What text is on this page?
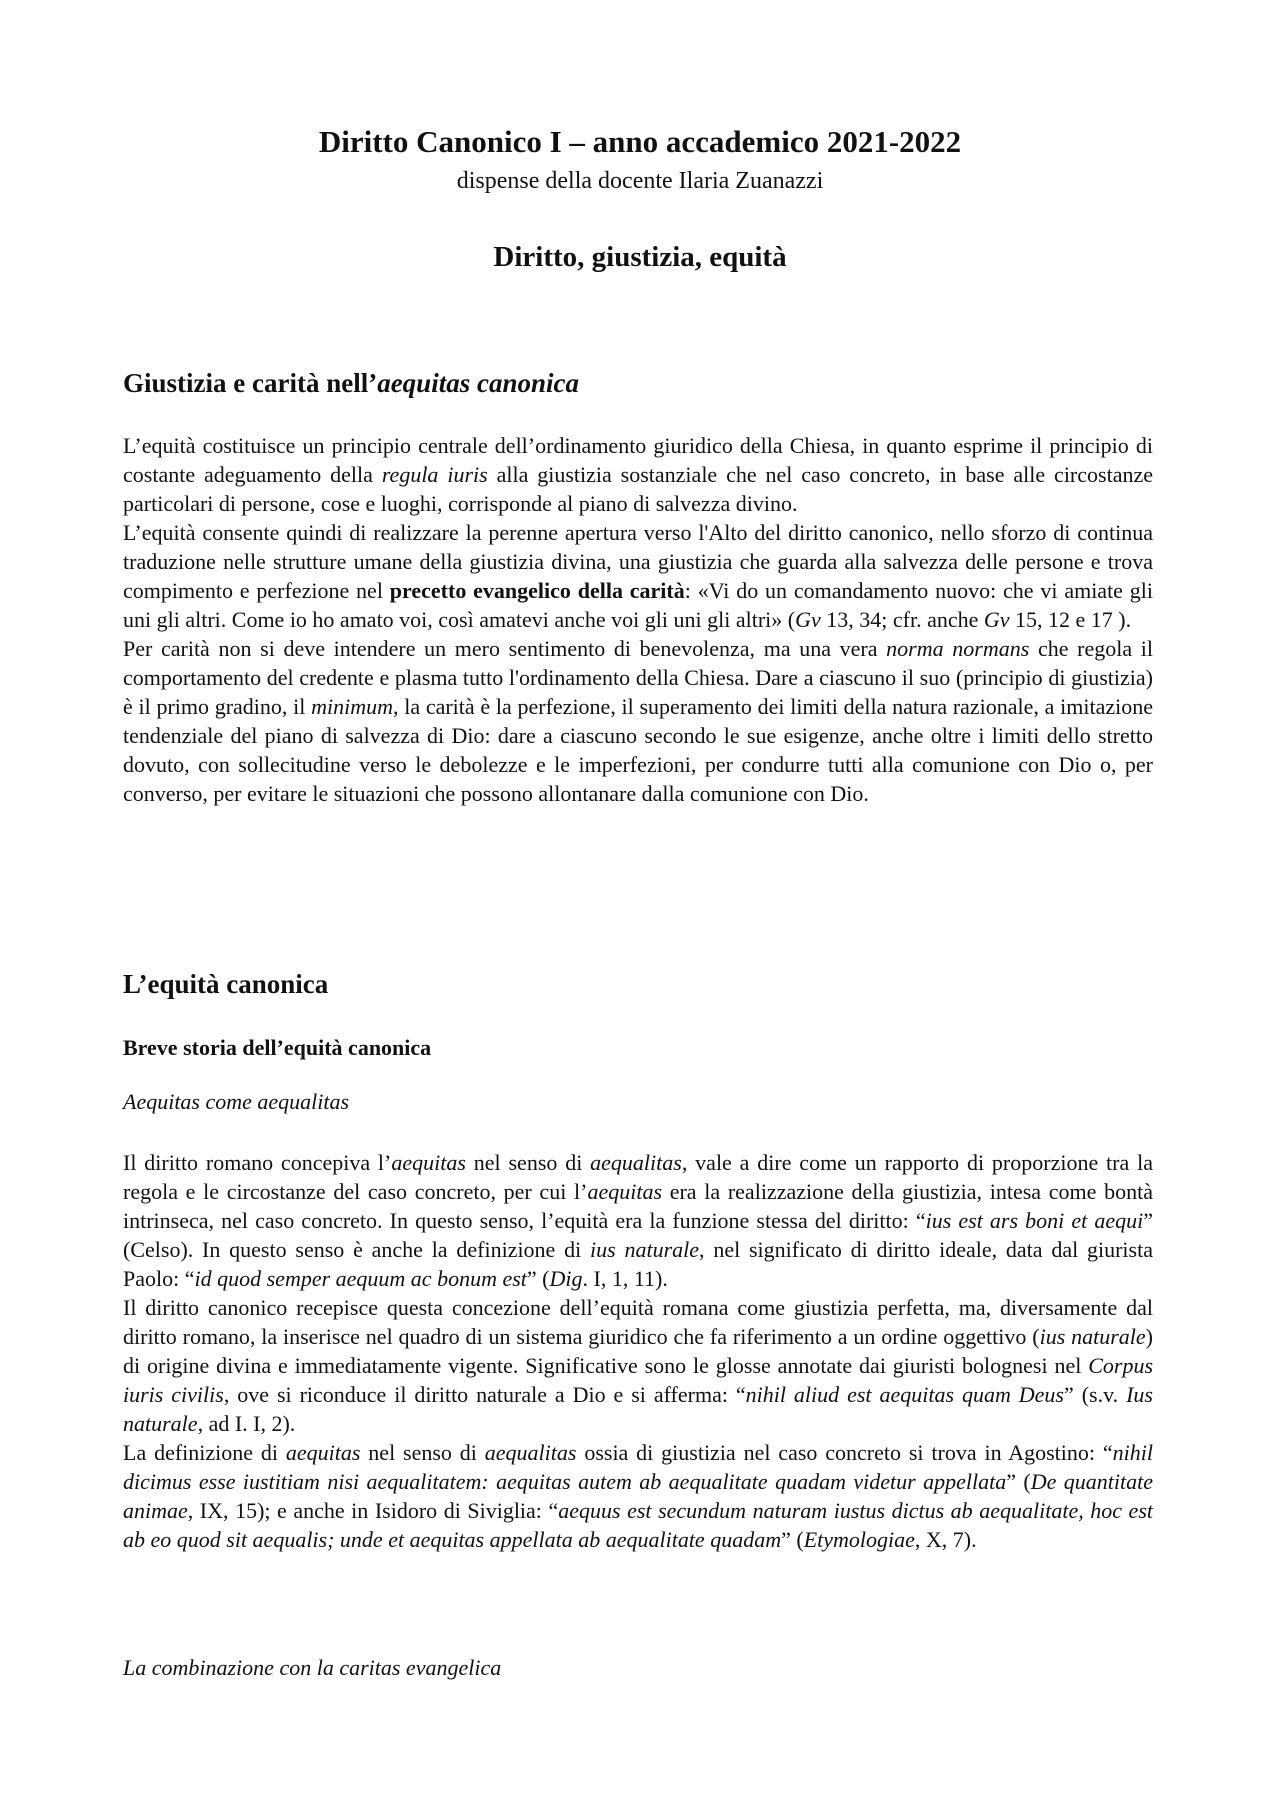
Diritto Canonico I – anno accademico 2021-2022
dispense della docente Ilaria Zuanazzi
Diritto, giustizia, equità
Giustizia e carità nell’aequitas canonica

L’equità costituisce un principio centrale dell’ordinamento giuridico della Chiesa, in quanto esprime il principio di costante adeguamento della regula iuris alla giustizia sostanziale che nel caso concreto, in base alle circostanze particolari di persone, cose e luoghi, corrisponde al piano di salvezza divino.

L’equità consente quindi di realizzare la perenne apertura verso l'Alto del diritto canonico, nello sforzo di continua traduzione nelle strutture umane della giustizia divina, una giustizia che guarda alla salvezza delle persone e trova compimento e perfezione nel precetto evangelico della carità: «Vi do un comandamento nuovo: che vi amiate gli uni gli altri. Come io ho amato voi, così amatevi anche voi gli uni gli altri» (Gv 13, 34; cfr. anche Gv 15, 12 e 17 ).

Per carità non si deve intendere un mero sentimento di benevolenza, ma una vera norma normans che regola il comportamento del credente e plasma tutto l'ordinamento della Chiesa. Dare a ciascuno il suo (principio di giustizia) è il primo gradino, il minimum, la carità è la perfezione, il superamento dei limiti della natura razionale, a imitazione tendenziale del piano di salvezza di Dio: dare a ciascuno secondo le sue esigenze, anche oltre i limiti dello stretto dovuto, con sollecitudine verso le debolezze e le imperfezioni, per condurre tutti alla comunione con Dio o, per converso, per evitare le situazioni che possono allontanare dalla comunione con Dio.

L’equità canonica
Breve storia dell’equità canonica
Aequitas come aequalitas

Il diritto romano concepiva l’aequitas nel senso di aequalitas, vale a dire come un rapporto di proporzione tra la regola e le circostanze del caso concreto, per cui l’aequitas era la realizzazione della giustizia, intesa come bontà intrinseca, nel caso concreto. In questo senso, l’equità era la funzione stessa del diritto: “ius est ars boni et aequi” (Celso). In questo senso è anche la definizione di ius naturale, nel significato di diritto ideale, data dal giurista Paolo: “id quod semper aequum ac bonum est” (Dig. I, 1, 11).

Il diritto canonico recepisce questa concezione dell’equità romana come giustizia perfetta, ma, diversamente dal diritto romano, la inserisce nel quadro di un sistema giuridico che fa riferimento a un ordine oggettivo (ius naturale) di origine divina e immediatamente vigente. Significative sono le glosse annotate dai giuristi bolognesi nel Corpus iuris civilis, ove si riconduce il diritto naturale a Dio e si afferma: “nihil aliud est aequitas quam Deus” (s.v. Ius naturale, ad I. I, 2).

La definizione di aequitas nel senso di aequalitas ossia di giustizia nel caso concreto si trova in Agostino: “nihil dicimus esse iustitiam nisi aequalitatem: aequitas autem ab aequalitate quadam videtur appellata” (De quantitate animae, IX, 15); e anche in Isidoro di Siviglia: “aequus est secundum naturam iustus dictus ab aequalitate, hoc est ab eo quod sit aequalis; unde et aequitas appellata ab aequalitate quadam” (Etymologiae, X, 7).

La combinazione con la caritas evangelica
